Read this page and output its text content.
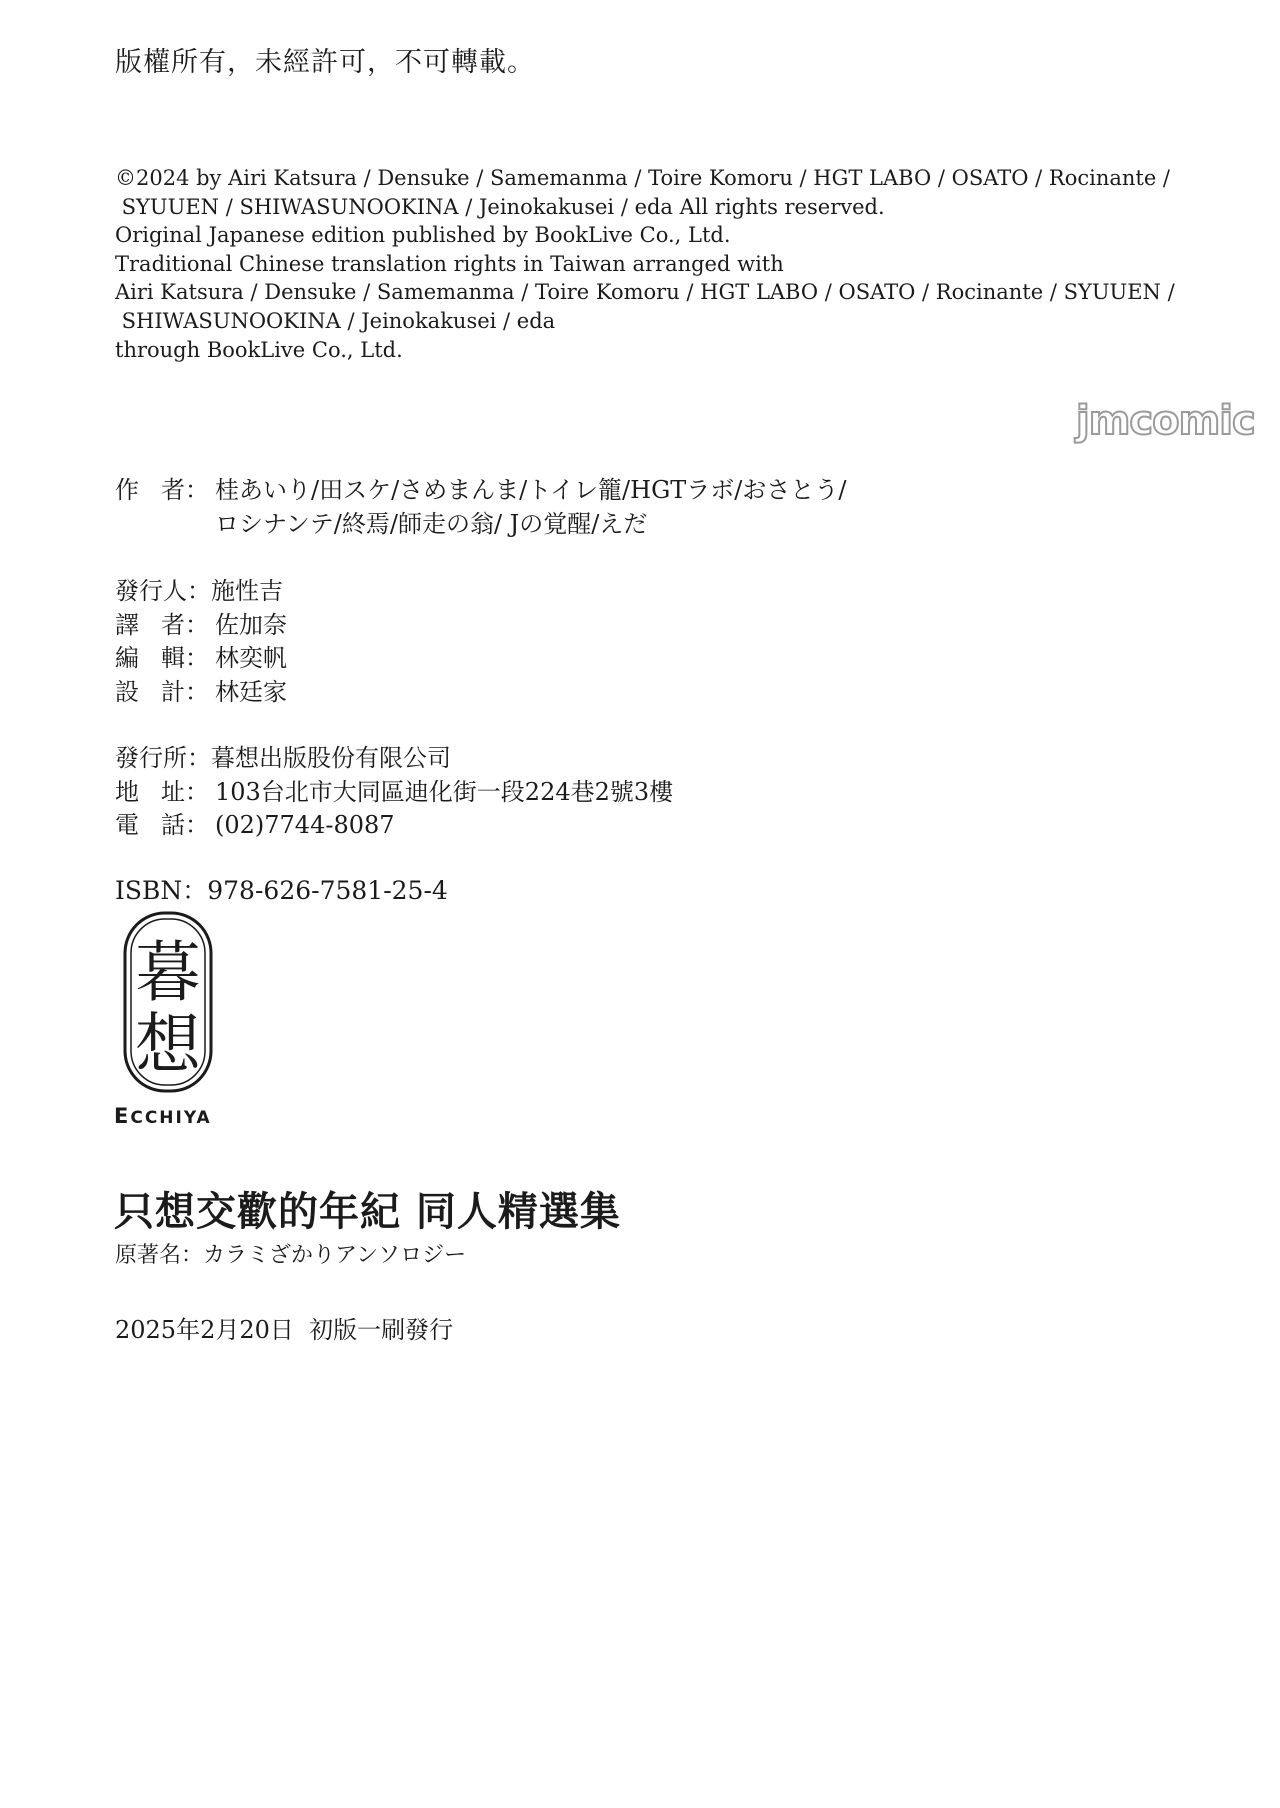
版權所有，未經許可，不可轉載。
©2024 by Airi Katsura / Densuke / Samemanma / Toire Komoru / HGT LABO / OSATO / Rocinante /
SYUUEN / SHIWASUNOOKINA / Jeinokakusei / eda All rights reserved.
Original Japanese edition published by BookLive Co., Ltd.
Traditional Chinese translation rights in Taiwan arranged with
Airi Katsura / Densuke / Samemanma / Toire Komoru / HGT LABO / OSATO / Rocinante / SYUUEN /
SHIWASUNOOKINA / Jeinokakusei / eda
through BookLive Co., Ltd.
jmcomic
作 者 ： 桂あいり/田スケ/さめまんま/トイレ籠/HGTラボ/おさとう/
ロシナンテ/終焉/師走の翁/ Jの覚醒/えだ
發行人： 施性吉
譯 者 ： 佐加奈
編 輯 ： 林奕帆
設 計 ： 林廷家
發行所： 暮想出版股份有限公司
地 址 ： 103台北市大同區迪化街一段224巷2號3樓
電 話 ： (02)7744-8087
ISBN：978-626-7581-25-4
暮
想
ECCHIYA
只想交歡的年紀 同人精選集
原著名：カラミざかりアンソロジー
2025年2月20日  初版一刷發行
